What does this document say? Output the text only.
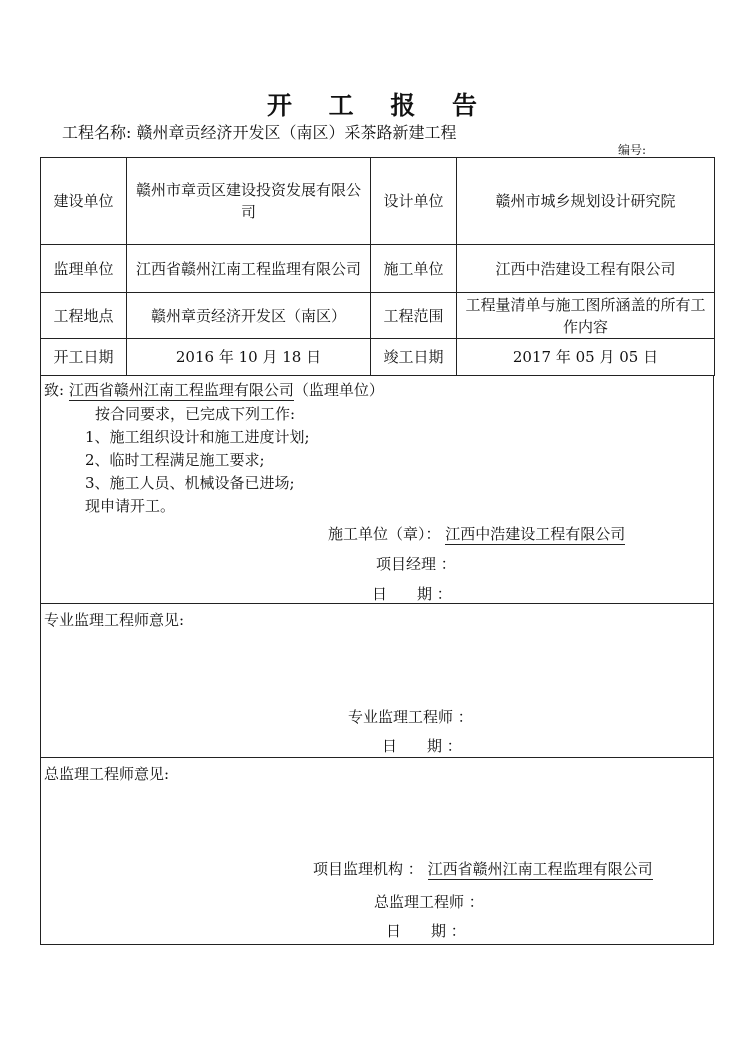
开 工 报 告
工程名称: 赣州章贡经济开发区（南区）采茶路新建工程
编号:
建设单位	赣州市章贡区建设投资发展有限公司	设计单位	赣州市城乡规划设计研究院
监理单位	江西省赣州江南工程监理有限公司	施工单位	江西中浩建设工程有限公司
工程地点	赣州章贡经济开发区（南区）	工程范围	工程量清单与施工图所涵盖的所有工作内容
开工日期	2016 年 10 月 18 日	竣工日期	2017 年 05 月 05 日
致: 江西省赣州江南工程监理有限公司（监理单位）
按合同要求，已完成下列工作:
1、施工组织设计和施工进度计划;
2、临时工程满足施工要求;
3、施工人员、机械设备已进场;
现申请开工。
施工单位（章）： 江西中浩建设工程有限公司
项目经理 ：
日　　期 ：
专业监理工程师意见:
专业监理工程师 ：
日　　期 ：
总监理工程师意见:
项目监理机构 ： 江西省赣州江南工程监理有限公司
总监理工程师 ：
日　　期 ：
